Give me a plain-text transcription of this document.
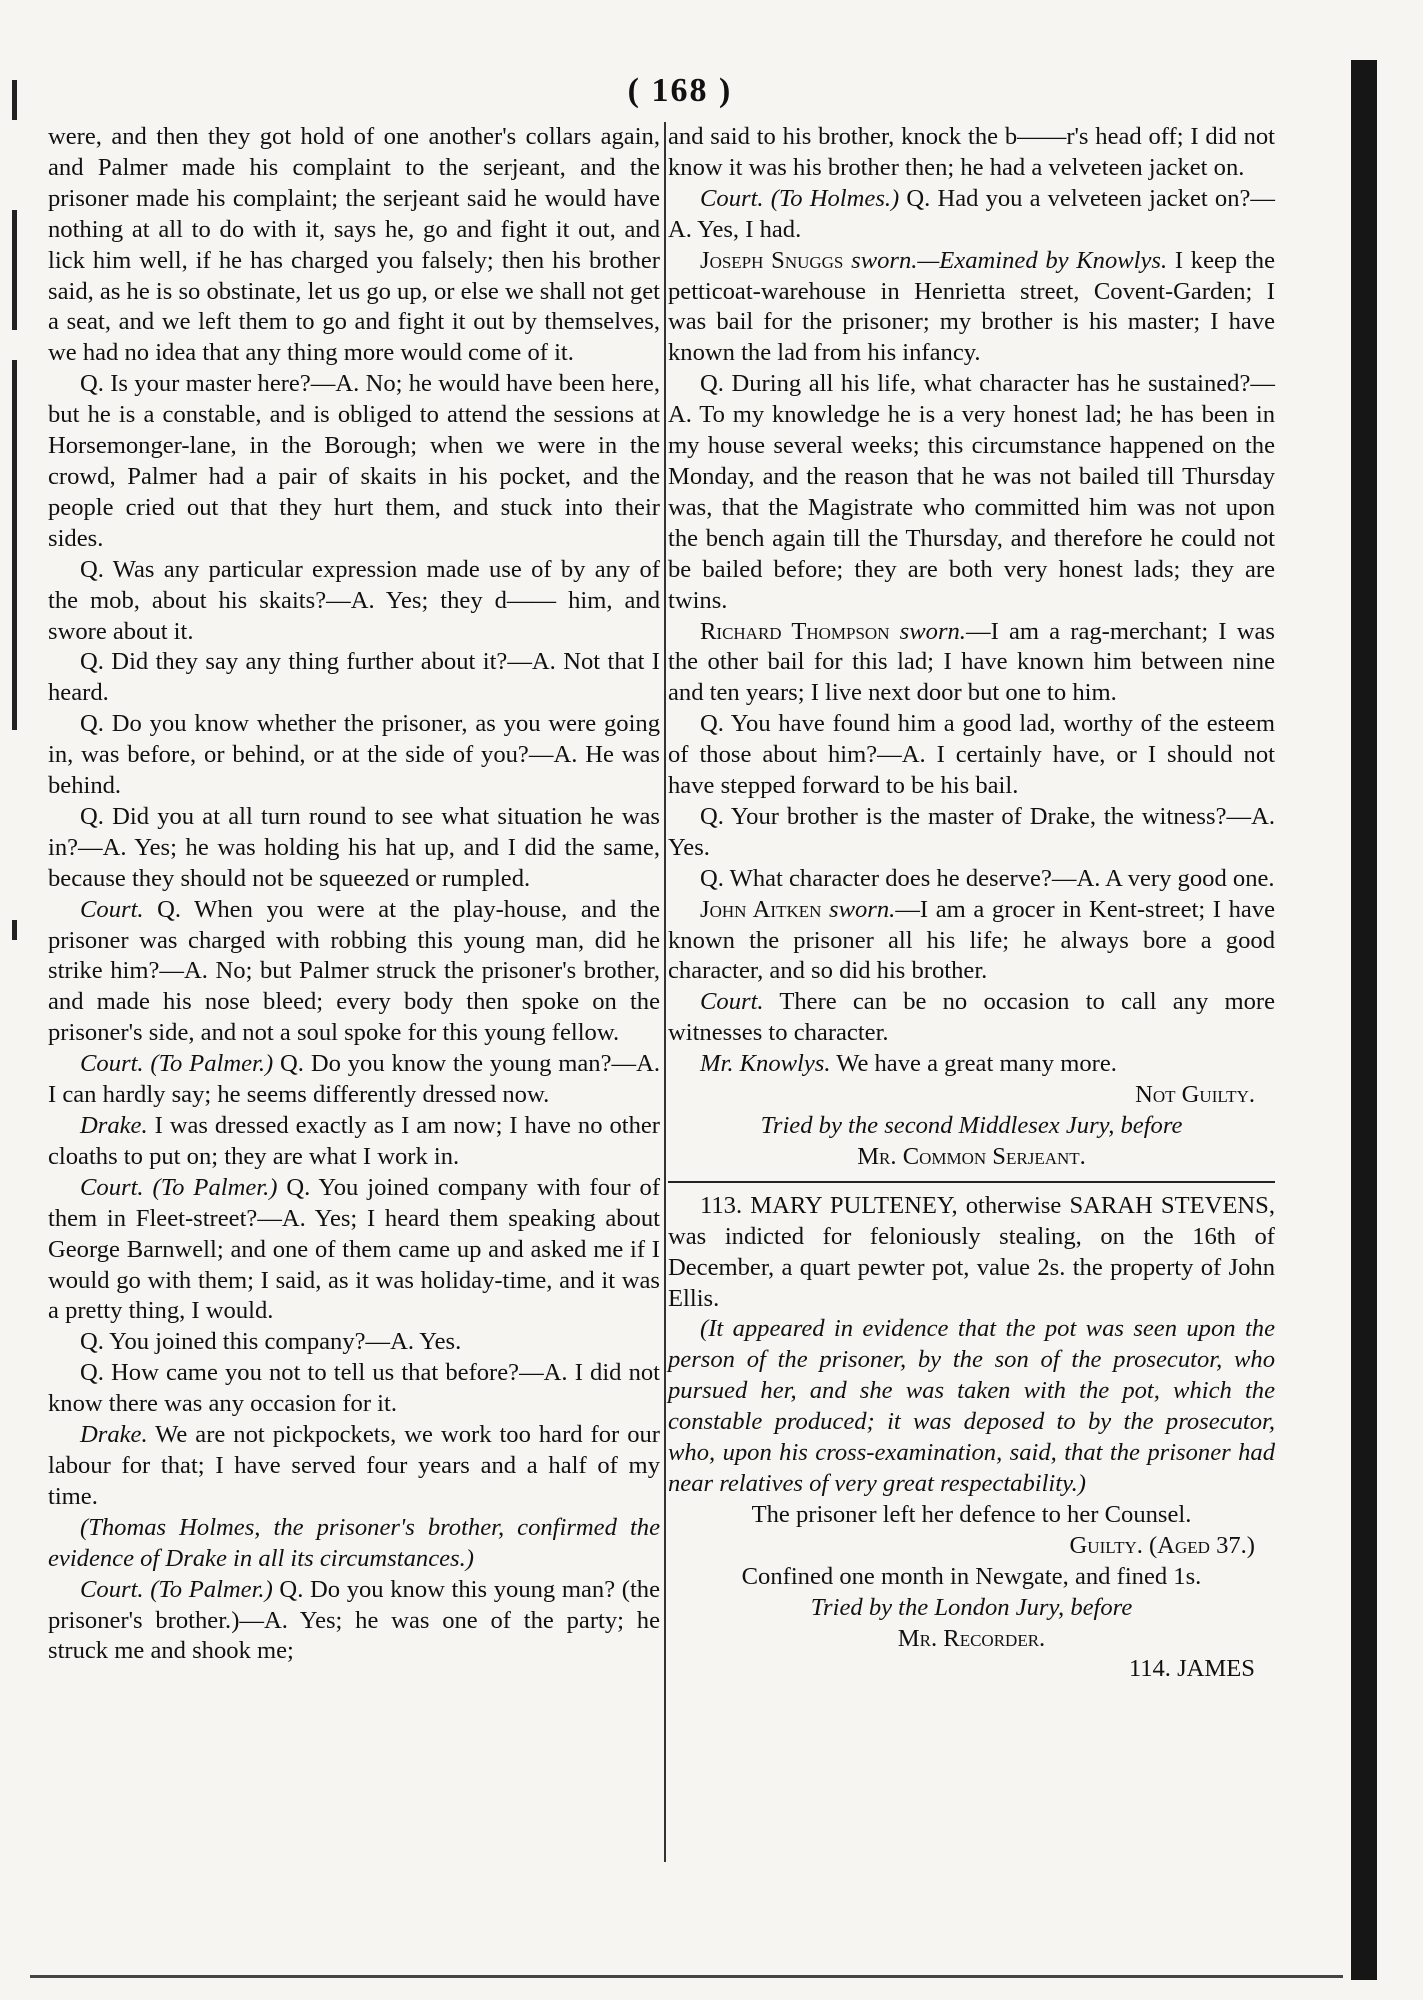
( 168 )

were, and then they got hold of one another's collars again, and Palmer made his complaint to the serjeant, and the prisoner made his complaint; the serjeant said he would have nothing at all to do with it, says he, go and fight it out, and lick him well, if he has charged you falsely; then his brother said, as he is so obstinate, let us go up, or else we shall not get a seat, and we left them to go and fight it out by themselves, we had no idea that any thing more would come of it.

Q. Is your master here?—A. No; he would have been here, but he is a constable, and is obliged to attend the sessions at Horsemonger-lane, in the Borough; when we were in the crowd, Palmer had a pair of skaits in his pocket, and the people cried out that they hurt them, and stuck into their sides.

Q. Was any particular expression made use of by any of the mob, about his skaits?—A. Yes; they d—— him, and swore about it.

Q. Did they say any thing further about it?—A. Not that I heard.

Q. Do you know whether the prisoner, as you were going in, was before, or behind, or at the side of you?—A. He was behind.

Q. Did you at all turn round to see what situation he was in?—A. Yes; he was holding his hat up, and I did the same, because they should not be squeezed or rumpled.

Court. Q. When you were at the play-house, and the prisoner was charged with robbing this young man, did he strike him?—A. No; but Palmer struck the prisoner's brother, and made his nose bleed; every body then spoke on the prisoner's side, and not a soul spoke for this young fellow.

Court. (To Palmer.) Q. Do you know the young man?—A. I can hardly say; he seems differently dressed now.

Drake. I was dressed exactly as I am now; I have no other cloaths to put on; they are what I work in.

Court. (To Palmer.) Q. You joined company with four of them in Fleet-street?—A. Yes; I heard them speaking about George Barnwell; and one of them came up and asked me if I would go with them; I said, as it was holiday-time, and it was a pretty thing, I would.

Q. You joined this company?—A. Yes.

Q. How came you not to tell us that before?—A. I did not know there was any occasion for it.

Drake. We are not pickpockets, we work too hard for our labour for that; I have served four years and a half of my time.

(Thomas Holmes, the prisoner's brother, confirmed the evidence of Drake in all its circumstances.)

Court. (To Palmer.) Q. Do you know this young man? (the prisoner's brother.)—A. Yes; he was one of the party; he struck me and shook me;

and said to his brother, knock the b——r's head off; I did not know it was his brother then; he had a velveteen jacket on.

Court. (To Holmes.) Q. Had you a velveteen jacket on?—A. Yes, I had.

Joseph Snuggs sworn.—Examined by Knowlys. I keep the petticoat-warehouse in Henrietta street, Covent-Garden; I was bail for the prisoner; my brother is his master; I have known the lad from his infancy.

Q. During all his life, what character has he sustained?—A. To my knowledge he is a very honest lad; he has been in my house several weeks; this circumstance happened on the Monday, and the reason that he was not bailed till Thursday was, that the Magistrate who committed him was not upon the bench again till the Thursday, and therefore he could not be bailed before; they are both very honest lads; they are twins.

Richard Thompson sworn.—I am a rag-merchant; I was the other bail for this lad; I have known him between nine and ten years; I live next door but one to him.

Q. You have found him a good lad, worthy of the esteem of those about him?—A. I certainly have, or I should not have stepped forward to be his bail.

Q. Your brother is the master of Drake, the witness?—A. Yes.

Q. What character does he deserve?—A. A very good one.

John Aitken sworn.—I am a grocer in Kent-street; I have known the prisoner all his life; he always bore a good character, and so did his brother.

Court. There can be no occasion to call any more witnesses to character.

Mr. Knowlys. We have a great many more.

Not Guilty.

Tried by the second Middlesex Jury, before

Mr. Common Serjeant.

113. MARY PULTENEY, otherwise SARAH STEVENS, was indicted for feloniously stealing, on the 16th of December, a quart pewter pot, value 2s. the property of John Ellis.

(It appeared in evidence that the pot was seen upon the person of the prisoner, by the son of the prosecutor, who pursued her, and she was taken with the pot, which the constable produced; it was deposed to by the prosecutor, who, upon his cross-examination, said, that the prisoner had near relatives of very great respectability.)

The prisoner left her defence to her Counsel.

Guilty. (Aged 37.)

Confined one month in Newgate, and fined 1s.

Tried by the London Jury, before

Mr. Recorder.

114. JAMES
